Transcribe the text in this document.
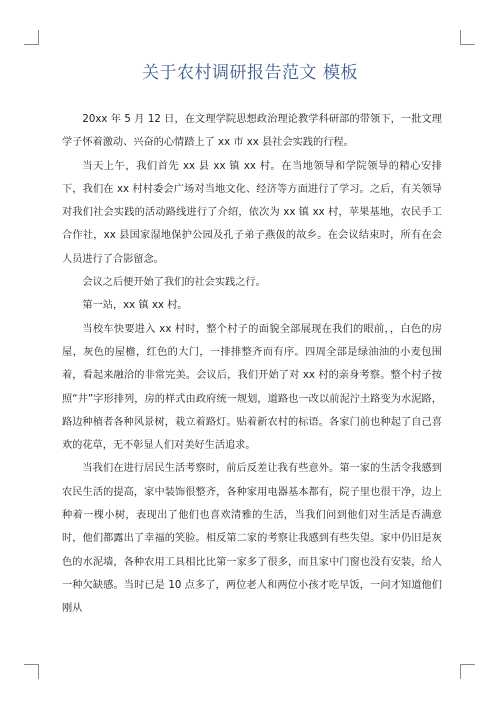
关于农村调研报告范文 模板

20xx 年 5 月 12 日，在文理学院思想政治理论教学科研部的带领下，一批文理学子怀着激动、兴奋的心情踏上了 xx 市 xx 县社会实践的行程。

当天上午，我们首先 xx 县 xx 镇 xx 村。在当地领导和学院领导的精心安排下，我们在 xx 村村委会广场对当地文化、经济等方面进行了学习。之后，有关领导对我们社会实践的活动路线进行了介绍，依次为 xx 镇 xx 村，苹果基地，农民手工合作社，xx 县国家湿地保护公园及孔子弟子燕伋的故乡。在会议结束时，所有在会人员进行了合影留念。

会议之后便开始了我们的社会实践之行。

第一站，xx 镇 xx 村。

当校车快要进入 xx 村时，整个村子的面貌全部展现在我们的眼前，，白色的房屋，灰色的屋檐，红色的大门，一排排整齐而有序。四周全部是绿油油的小麦包围着，看起来融洽的非常完美。会议后，我们开始了对 xx 村的亲身考察。整个村子按照“井”字形排列，房的样式由政府统一规划，道路也一改以前泥泞土路变为水泥路，路边种植者各种风景树，栽立着路灯。贴着新农村的标语。各家门前也种起了自己喜欢的花草，无不彰显人们对美好生活追求。

当我们在进行居民生活考察时，前后反差让我有些意外。第一家的生活令我感到农民生活的提高，家中装饰很整齐，各种家用电器基本都有，院子里也很干净，边上种着一棵小树，表现出了他们也喜欢清雅的生活，当我们问到他们对生活是否满意时，他们都露出了幸福的笑脸。相反第二家的考察让我感到有些失望。家中仍旧是灰色的水泥墙，各种农用工具相比比第一家多了很多，而且家中门窗也没有安装，给人一种欠缺感。当时已是 10 点多了，两位老人和两位小孩才吃早饭，一问才知道他们刚从
